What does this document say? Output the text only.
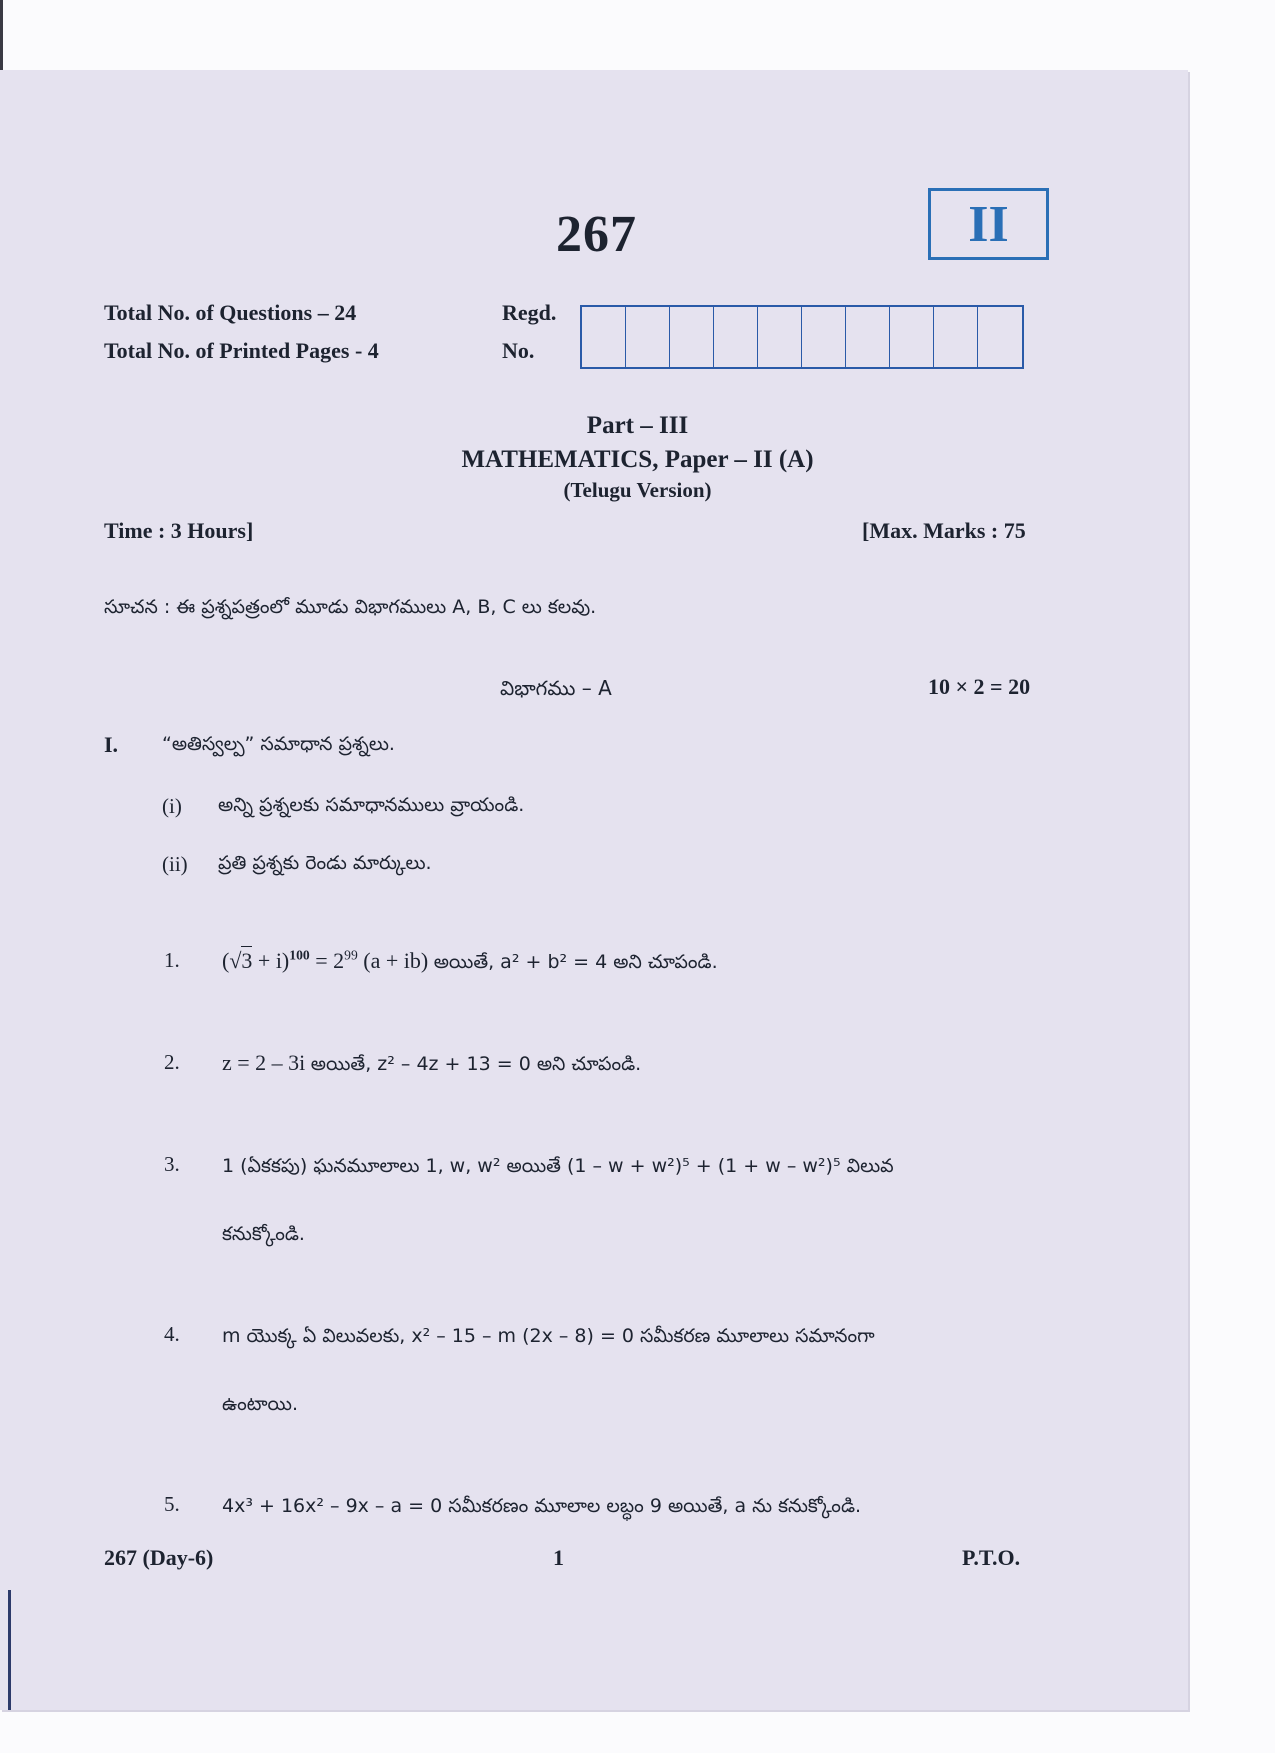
267	II
Total No. of Questions – 24
Total No. of Printed Pages - 4
Regd.
No.
Part – III
MATHEMATICS, Paper – II (A)
(Telugu Version)
Time : 3 Hours]	[Max. Marks : 75
సూచన : ఈ ప్రశ్నపత్రంలో మూడు విభాగములు A, B, C లు కలవు.
విభాగము – A	10 × 2 = 20
I. “అతిస్వల్ప” సమాధాన ప్రశ్నలు.
(i) అన్ని ప్రశ్నలకు సమాధానములు వ్రాయండి.
(ii) ప్రతి ప్రశ్నకు రెండు మార్కులు.
1. $(√3 + i)^{100} = 2^{99}$ (a + ib) అయితే, a² + b² = 4 అని చూపండి.
2. z = 2 – 3i అయితే, z² – 4z + 13 = 0 అని చూపండి.
3. 1 (ఏకకపు) ఘనమూలాలు 1, w, w² అయితే (1 – w + w²)⁵ + (1 + w – w²)⁵ విలువ
కనుక్కోండి.
4. m యొక్క ఏ విలువలకు, x² – 15 – m (2x – 8) = 0 సమీకరణ మూలాలు సమానంగా
ఉంటాయి.
5. 4x³ + 16x² – 9x – a = 0 సమీకరణం మూలాల లబ్ధం 9 అయితే, a ను కనుక్కోండి.
267 (Day-6)	1	P.T.O.
